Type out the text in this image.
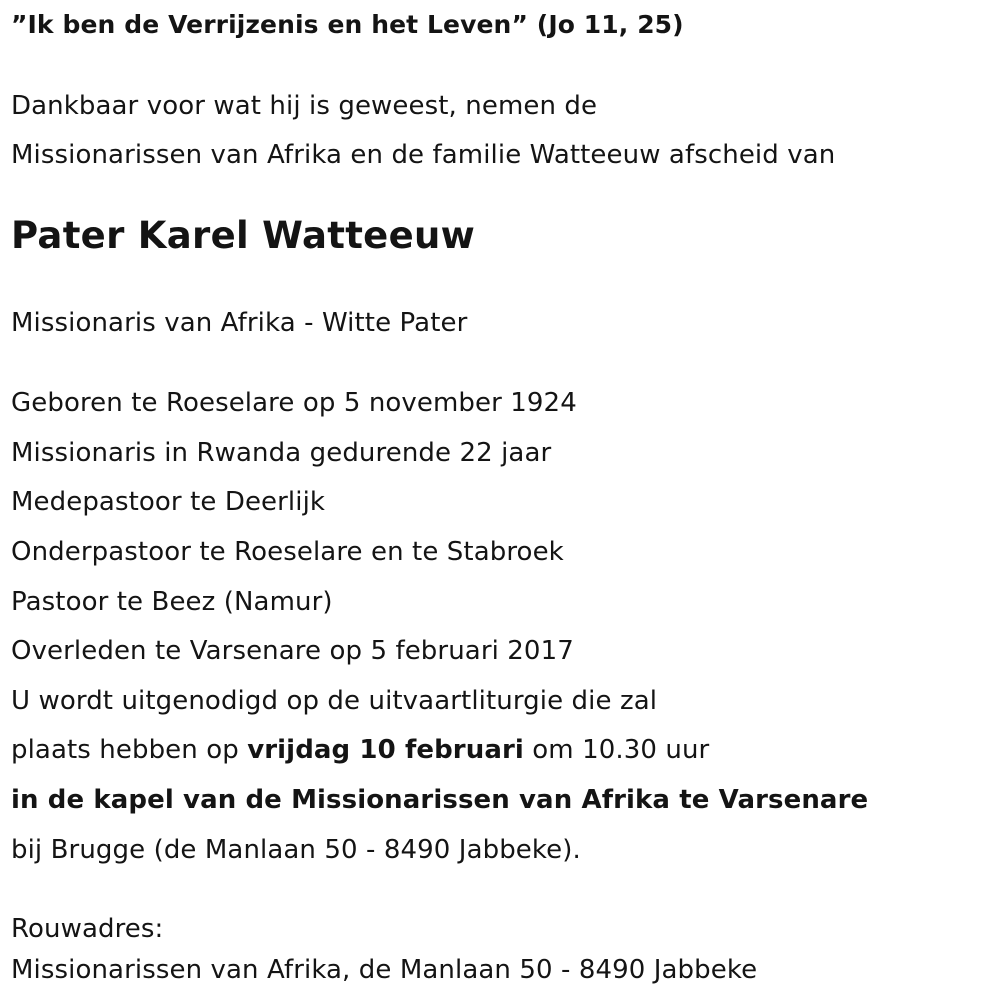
”Ik ben de Verrijzenis en het Leven” (Jo 11, 25)
Dankbaar voor wat hij is geweest, nemen de
Missionarissen van Afrika en de familie Watteeuw afscheid van
Pater Karel Watteeuw
Missionaris van Afrika - Witte Pater
Geboren te Roeselare op 5 november 1924
Missionaris in Rwanda gedurende 22 jaar
Medepastoor te Deerlijk
Onderpastoor te Roeselare en te Stabroek
Pastoor te Beez (Namur)
Overleden te Varsenare op 5 februari 2017
U wordt uitgenodigd op de uitvaartliturgie die zal
plaats hebben op vrijdag 10 februari om 10.30 uur
in de kapel van de Missionarissen van Afrika te Varsenare
bij Brugge (de Manlaan 50 - 8490 Jabbeke).
Rouwadres:
Missionarissen van Afrika, de Manlaan 50 - 8490 Jabbeke
